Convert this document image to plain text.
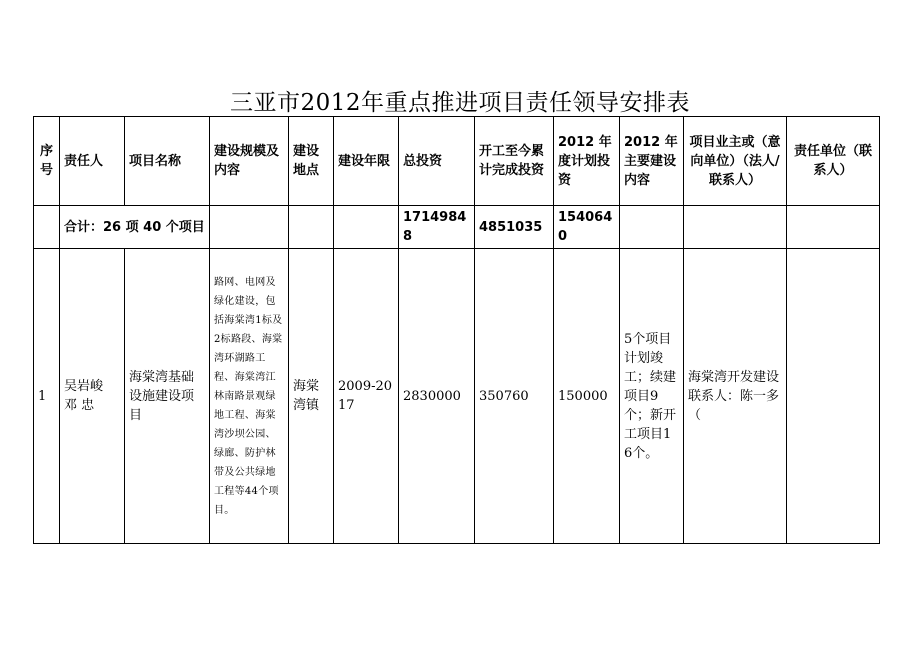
三亚市2012年重点推进项目责任领导安排表
序号	责任人	项目名称	建设规模及内容	建设地点	建设年限	总投资	开工至今累计完成投资	2012 年度计划投资	2012 年主要建设内容	项目业主或（意向单位）（法人/联系人）	责任单位（联系人）
	合计：26 项 40 个项目					17149848	4851035	1540640			
1	吴岩峻 邓 忠	海棠湾基础设施建设项目	路网、电网及绿化建设，包括海棠湾1标及2标路段、海棠湾环湖路工程、海棠湾江林南路景观绿地工程、海棠湾沙坝公园、绿廊、防护林带及公共绿地工程等44个项目。	海棠湾镇	2009-2017	2830000	350760	150000	5个项目计划竣工；续建项目9个；新开工项目16个。	海棠湾开发建设 联系人：陈一多 （	
